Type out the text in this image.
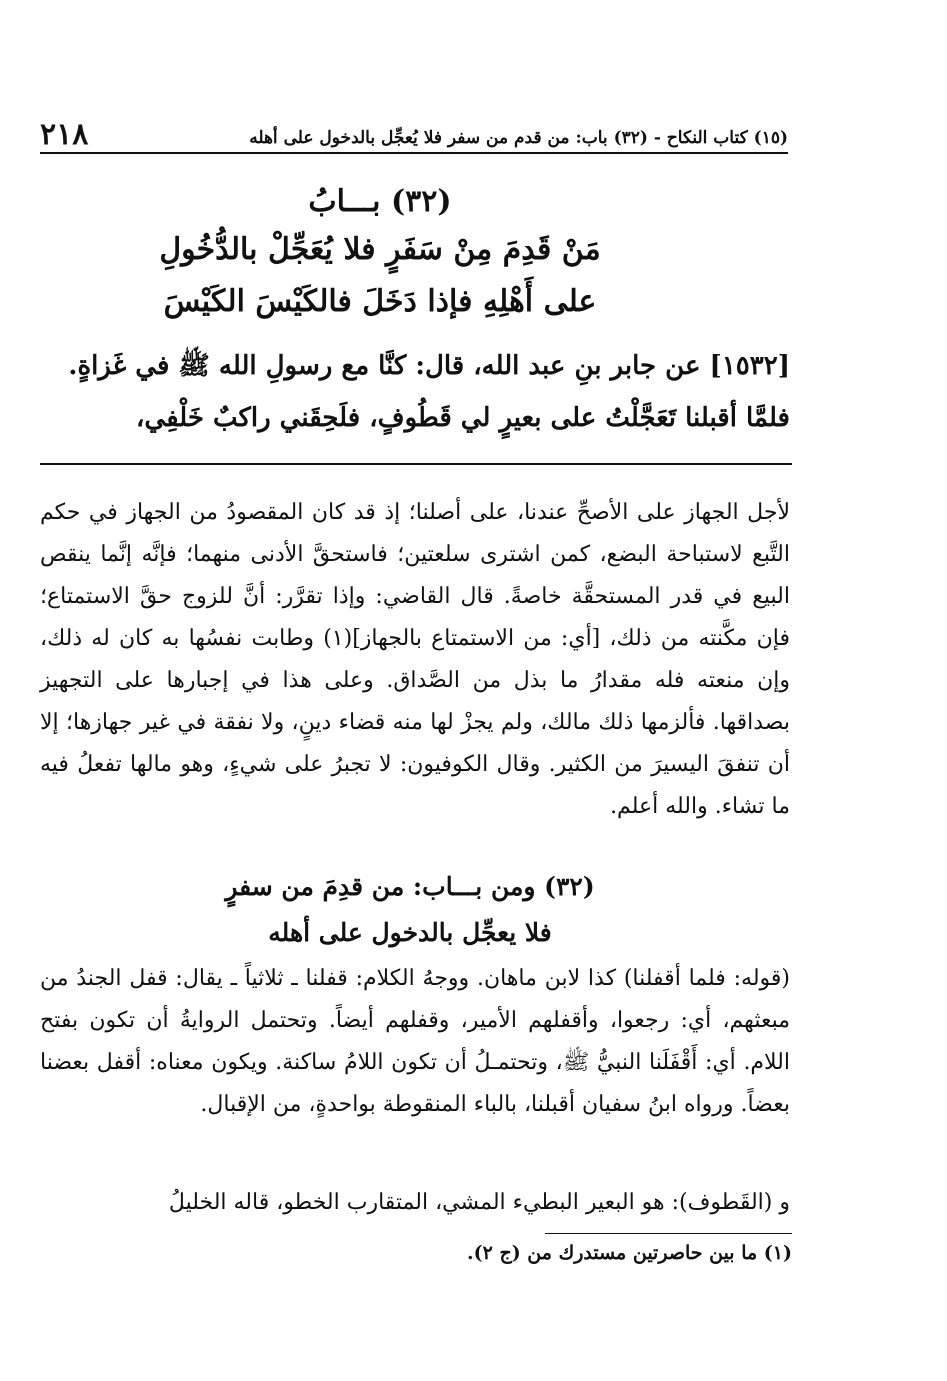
٢١٨	(١٥) كتاب النكاح - (٣٢) باب: من قدم من سفر فلا يُعجِّل بالدخول على أهله
(٣٢) بـــابُ
مَنْ قَدِمَ مِنْ سَفَرٍ فلا يُعَجِّلْ بالدُّخُولِ
على أَهْلِهِ فإذا دَخَلَ فالكَيْسَ الكَيْسَ
[١٥٣٢] عن جابر بنِ عبد الله، قال: كنَّا مع رسولِ الله ﷺ في غَزاةٍ. فلمَّا أقبلنا تَعَجَّلْتُ على بعيرٍ لي قَطُوفٍ، فلَحِقَني راكبٌ خَلْفِي،

لأجل الجهاز على الأصحِّ عندنا، على أصلنا؛ إذ قد كان المقصودُ من الجهاز في حكم التَّبع لاستباحة البضع، كمن اشترى سلعتين؛ فاستحقَّ الأدنى منهما؛ فإنَّه إنَّما ينقص البيع في قدر المستحقَّة خاصةً. قال القاضي: وإذا تقرَّر: أنَّ للزوج حقَّ الاستمتاع؛ فإن مكَّنته من ذلك، [أي: من الاستمتاع بالجهاز](١) وطابت نفسُها به كان له ذلك، وإن منعته فله مقدارُ ما بذل من الصَّداق. وعلى هذا في إجبارها على التجهيز بصداقها. فألزمها ذلك مالك، ولم يجزْ لها منه قضاء دينٍ، ولا نفقة في غير جهازها؛ إلا أن تنفقَ اليسيرَ من الكثير. وقال الكوفيون: لا تجبرُ على شيءٍ، وهو مالها تفعلُ فيه ما تشاء. والله أعلم.

(٣٢) ومن بـــاب: من قدِمَ من سفرٍ
فلا يعجِّل بالدخول على أهله

(قوله: فلما أقفلنا) كذا لابن ماهان. ووجهُ الكلام: قفلنا ـ ثلاثياً ـ يقال: قفل الجندُ من مبعثهم، أي: رجعوا، وأقفلهم الأمير، وقفلهم أيضاً. وتحتمل الروايةُ أن تكون بفتح اللام. أي: أَقْفَلَنا النبيُّ ﷺ، وتحتمـلُ أن تكون اللامُ ساكنة. ويكون معناه: أقفل بعضنا بعضاً. ورواه ابنُ سفيان أقبلنا، بالباء المنقوطة بواحدةٍ، من الإقبال.

و (القَطوف): هو البعير البطيء المشي، المتقارب الخطو، قاله الخليلُ

(١) ما بين حاصرتين مستدرك من (ج ٢).
